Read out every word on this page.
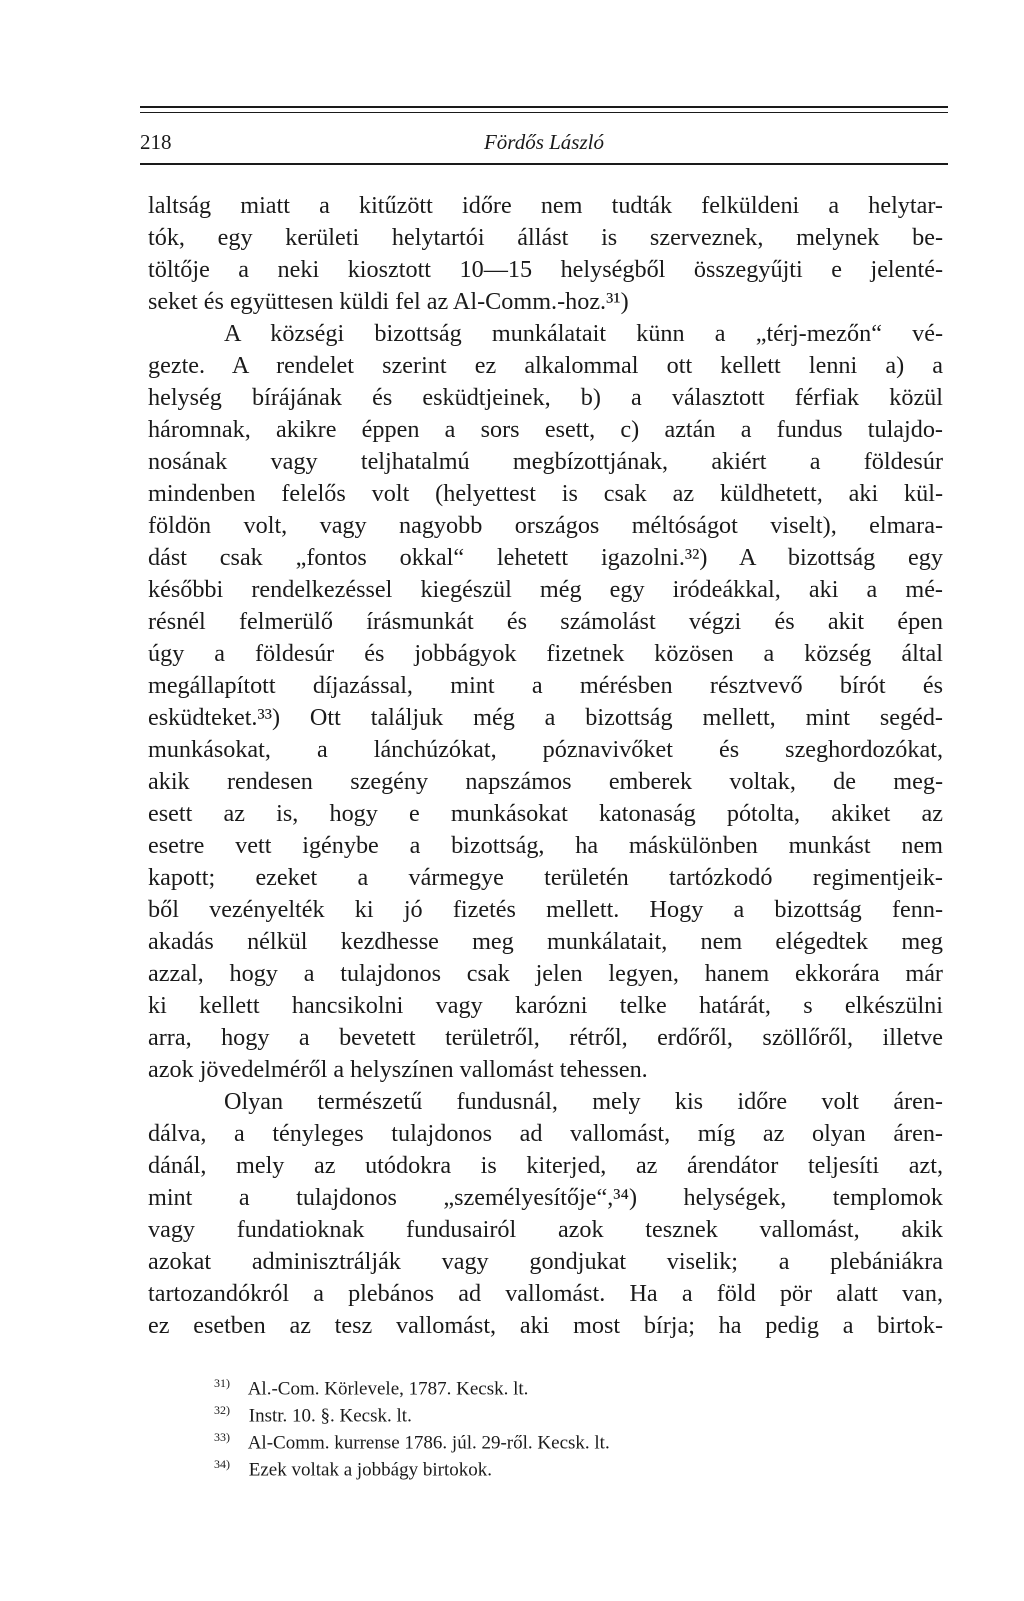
218	Fördős László
laltság miatt a kitűzött időre nem tudták felküldeni a helytar-
tók, egy kerületi helytartói állást is szerveznek, melynek be-
töltője a neki kiosztott 10—15 helységből összegyűjti e jelenté-
seket és együttesen küldi fel az Al-Comm.-hoz.³¹)
A községi bizottság munkálatait künn a „térj-mezőn“ vé-
gezte. A rendelet szerint ez alkalommal ott kellett lenni a) a
helység bírájának és esküdtjeinek, b) a választott férfiak közül
háromnak, akikre éppen a sors esett, c) aztán a fundus tulajdo-
nosának vagy teljhatalmú megbízottjának, akiért a földesúr
mindenben felelős volt (helyettest is csak az küldhetett, aki kül-
földön volt, vagy nagyobb országos méltóságot viselt), elmara-
dást csak „fontos okkal“ lehetett igazolni.³²) A bizottság egy
későbbi rendelkezéssel kiegészül még egy iródeákkal, aki a mé-
résnél felmerülő írásmunkát és számolást végzi és akit épen
úgy a földesúr és jobbágyok fizetnek közösen a község által
megállapított díjazással, mint a mérésben résztvevő bírót és
esküdteket.³³) Ott találjuk még a bizottság mellett, mint segéd-
munkásokat, a lánchúzókat, póznavivőket és szeghordozókat,
akik rendesen szegény napszámos emberek voltak, de meg-
esett az is, hogy e munkásokat katonaság pótolta, akiket az
esetre vett igénybe a bizottság, ha máskülönben munkást nem
kapott; ezeket a vármegye területén tartózkodó regimentjeik-
ből vezényelték ki jó fizetés mellett. Hogy a bizottság fenn-
akadás nélkül kezdhesse meg munkálatait, nem elégedtek meg
azzal, hogy a tulajdonos csak jelen legyen, hanem ekkorára már
ki kellett hancsikolni vagy karózni telke határát, s elkészülni
arra, hogy a bevetett területről, rétről, erdőről, szöllőről, illetve
azok jövedelméről a helyszínen vallomást tehessen.
Olyan természetű fundusnál, mely kis időre volt áren-
dálva, a tényleges tulajdonos ad vallomást, míg az olyan áren-
dánál, mely az utódokra is kiterjed, az árendátor teljesíti azt,
mint a tulajdonos „személyesítője“,³⁴) helységek, templomok
vagy fundatioknak fundusairól azok tesznek vallomást, akik
azokat adminisztrálják vagy gondjukat viselik; a plebániákra
tartozandókról a plebános ad vallomást. Ha a föld pör alatt van,
ez esetben az tesz vallomást, aki most bírja; ha pedig a birtok-
$^{31)}$ Al.-Com. Körlevele, 1787. Kecsk. lt.
$^{32)}$ Instr. 10. §. Kecsk. lt.
$^{33)}$ Al-Comm. kurrense 1786. júl. 29-ről. Kecsk. lt.
$^{34)}$ Ezek voltak a jobbágy birtokok.
